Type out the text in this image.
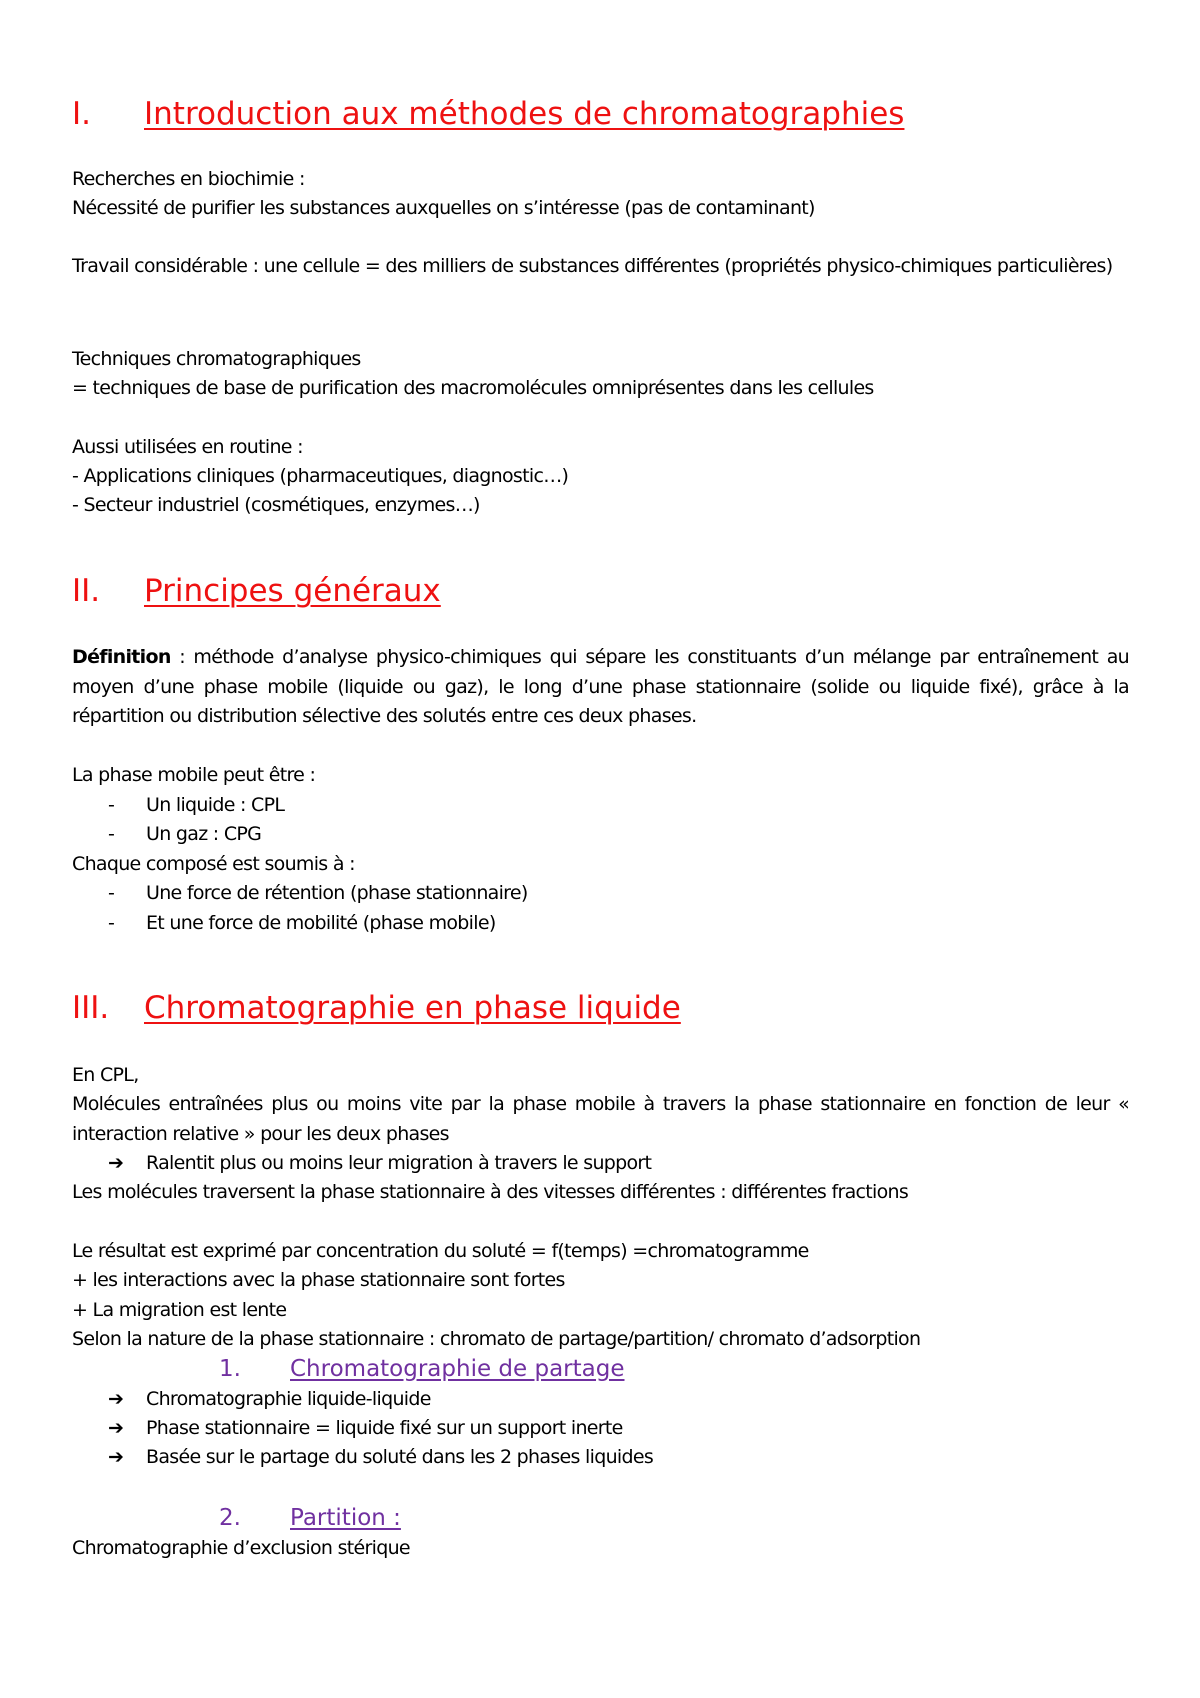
I. Introduction aux méthodes de chromatographies
Recherches en biochimie :
Nécessité de purifier les substances auxquelles on s’intéresse (pas de contaminant)
Travail considérable : une cellule = des milliers de substances différentes (propriétés physico-chimiques particulières)
Techniques chromatographiques
= techniques de base de purification des macromolécules omniprésentes dans les cellules
Aussi utilisées en routine :
- Applications cliniques (pharmaceutiques, diagnostic…)
- Secteur industriel (cosmétiques, enzymes…)
II. Principes généraux
Définition : méthode d’analyse physico-chimiques qui sépare les constituants d’un mélange par entraînement au moyen d’une phase mobile (liquide ou gaz), le long d’une phase stationnaire (solide ou liquide fixé), grâce à la répartition ou distribution sélective des solutés entre ces deux phases.
La phase mobile peut être :
- Un liquide : CPL
- Un gaz : CPG
Chaque composé est soumis à :
- Une force de rétention (phase stationnaire)
- Et une force de mobilité (phase mobile)
III. Chromatographie en phase liquide
En CPL,
Molécules entraînées plus ou moins vite par la phase mobile à travers la phase stationnaire en fonction de leur « interaction relative » pour les deux phases
➔ Ralentit plus ou moins leur migration à travers le support
Les molécules traversent la phase stationnaire à des vitesses différentes : différentes fractions
Le résultat est exprimé par concentration du soluté = f(temps) =chromatogramme
+ les interactions avec la phase stationnaire sont fortes
+ La migration est lente
Selon la nature de la phase stationnaire : chromato de partage/partition/ chromato d’adsorption
1. Chromatographie de partage
➔ Chromatographie liquide-liquide
➔ Phase stationnaire = liquide fixé sur un support inerte
➔ Basée sur le partage du soluté dans les 2 phases liquides
2. Partition :
Chromatographie d’exclusion stérique
